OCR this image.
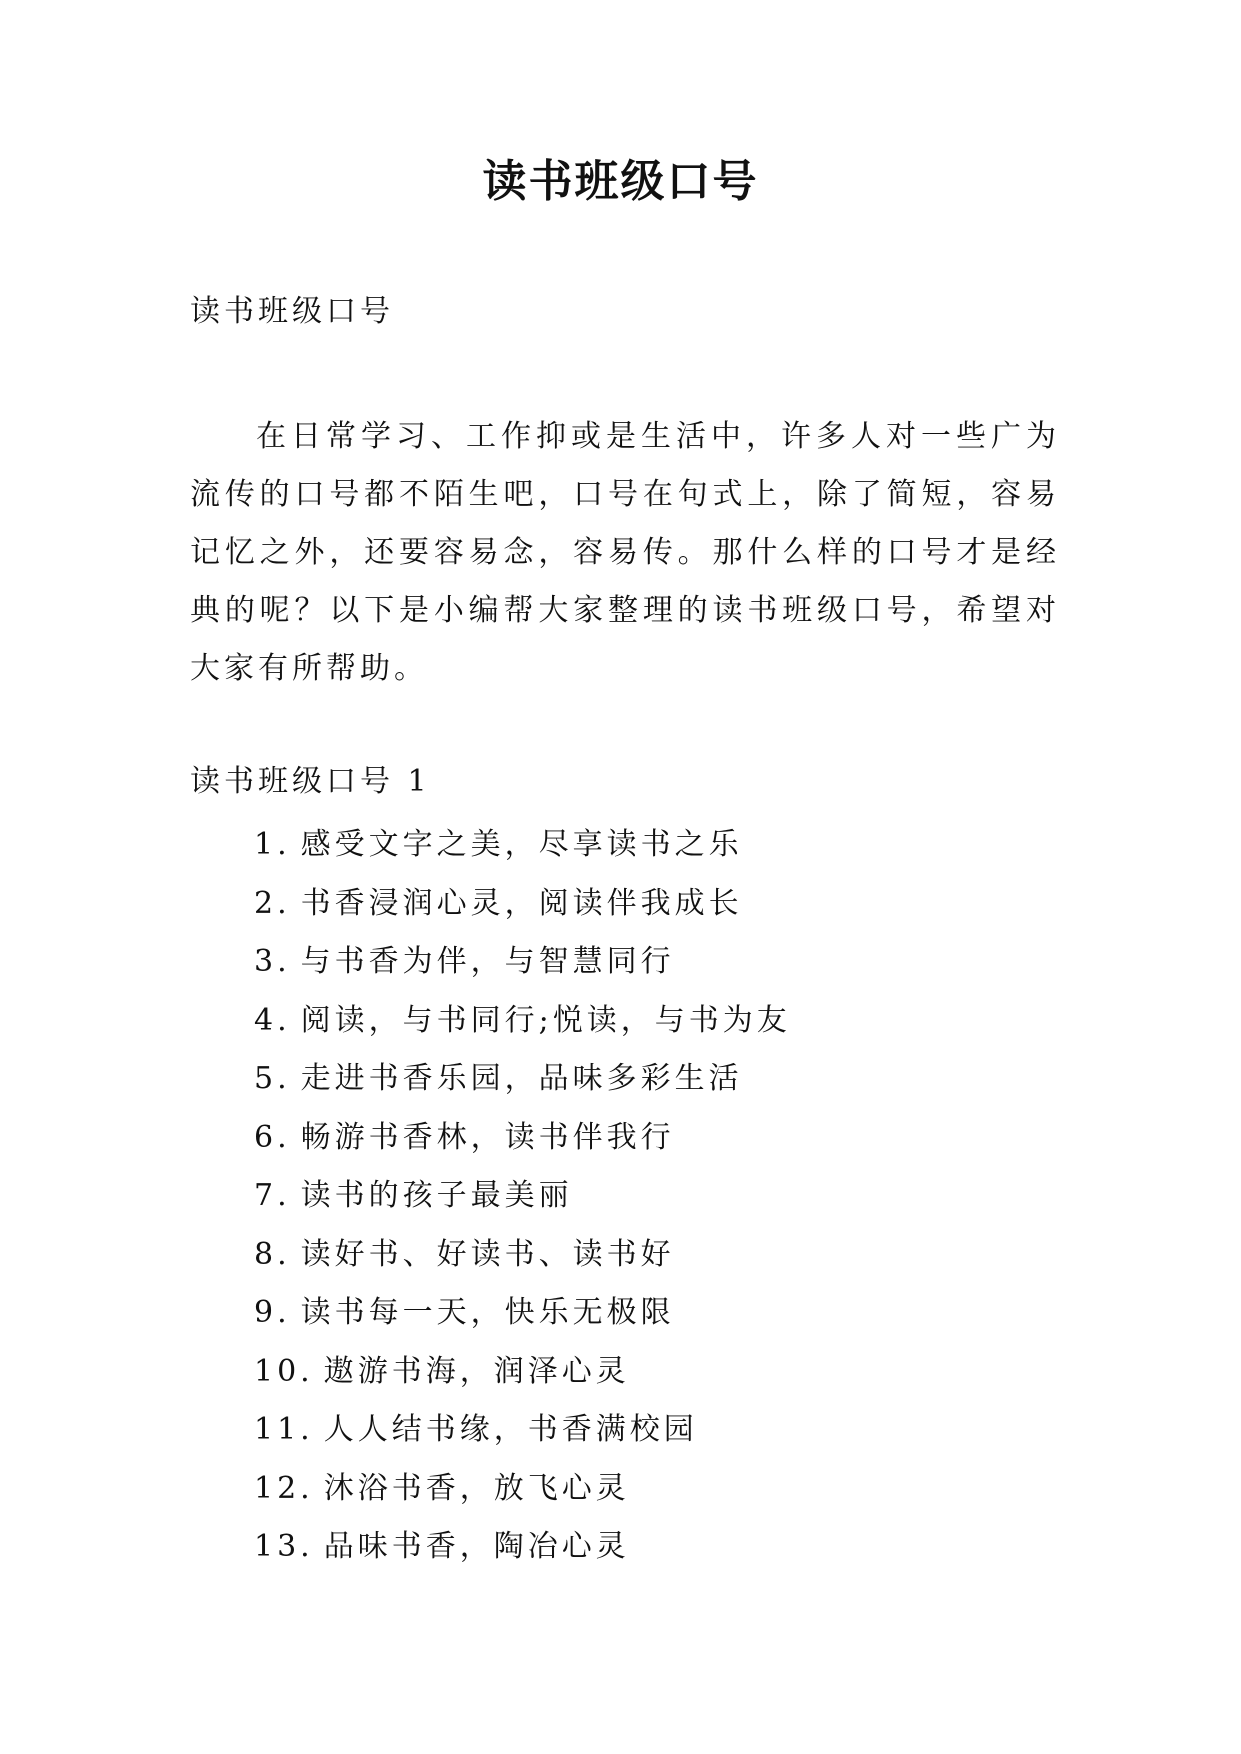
读书班级口号
读书班级口号

在日常学习、工作抑或是生活中，许多人对一些广为流传的口号都不陌生吧，口号在句式上，除了简短，容易记忆之外，还要容易念，容易传。那什么样的口号才是经典的呢？以下是小编帮大家整理的读书班级口号，希望对大家有所帮助。

读书班级口号 1
1. 感受文字之美，尽享读书之乐
2. 书香浸润心灵，阅读伴我成长
3. 与书香为伴，与智慧同行
4. 阅读，与书同行;悦读，与书为友
5. 走进书香乐园，品味多彩生活
6. 畅游书香林，读书伴我行
7. 读书的孩子最美丽
8. 读好书、好读书、读书好
9. 读书每一天，快乐无极限
10. 遨游书海，润泽心灵
11. 人人结书缘，书香满校园
12. 沐浴书香，放飞心灵
13. 品味书香，陶冶心灵
